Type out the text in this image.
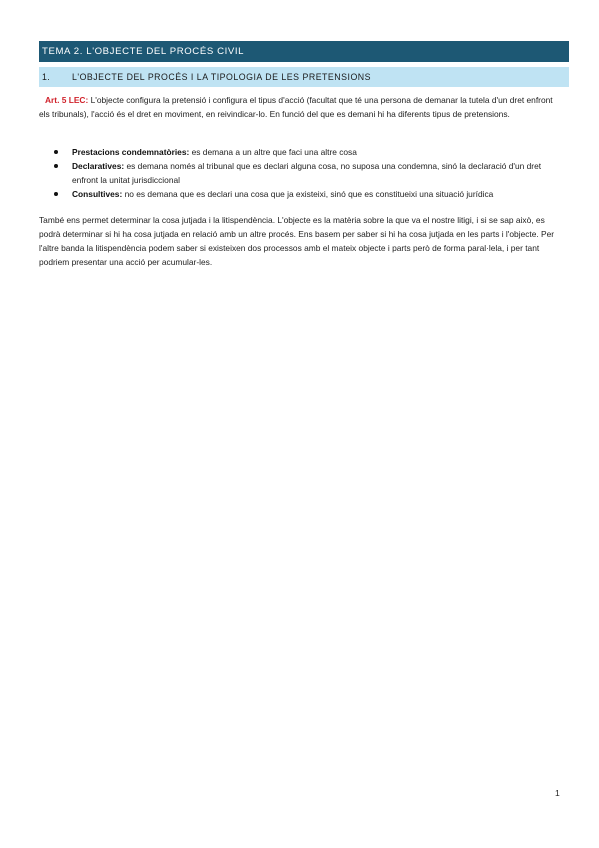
TEMA 2. L'OBJECTE DEL PROCÉS CIVIL
1.	L'OBJECTE DEL PROCÉS I LA TIPOLOGIA DE LES PRETENSIONS

Art. 5 LEC: L'objecte configura la pretensió i configura el tipus d'acció (facultat que té una persona de demanar la tutela d'un dret enfront els tribunals), l'acció és el dret en moviment, en reivindicar-lo. En funció del que es demani hi ha diferents tipus de pretensions.

Prestacions condemnatòries: es demana a un altre que faci una altre cosa
Declaratives: es demana només al tribunal que es declari alguna cosa, no suposa una condemna, sinó la declaració d'un dret enfront la unitat jurisdiccional
Consultives: no es demana que es declari una cosa que ja existeixi, sinó que es constitueixi una situació jurídica

També ens permet determinar la cosa jutjada i la litispendència. L'objecte es la matèria sobre la que va el nostre litigi, i si se sap això, es podrà determinar si hi ha cosa jutjada en relació amb un altre procés. Ens basem per saber si hi ha cosa jutjada en les parts i l'objecte. Per l'altre banda la litispendència podem saber si existeixen dos processos amb el mateix objecte i parts però de forma paral·lela, i per tant podriem presentar una acció per acumular-les.

1
